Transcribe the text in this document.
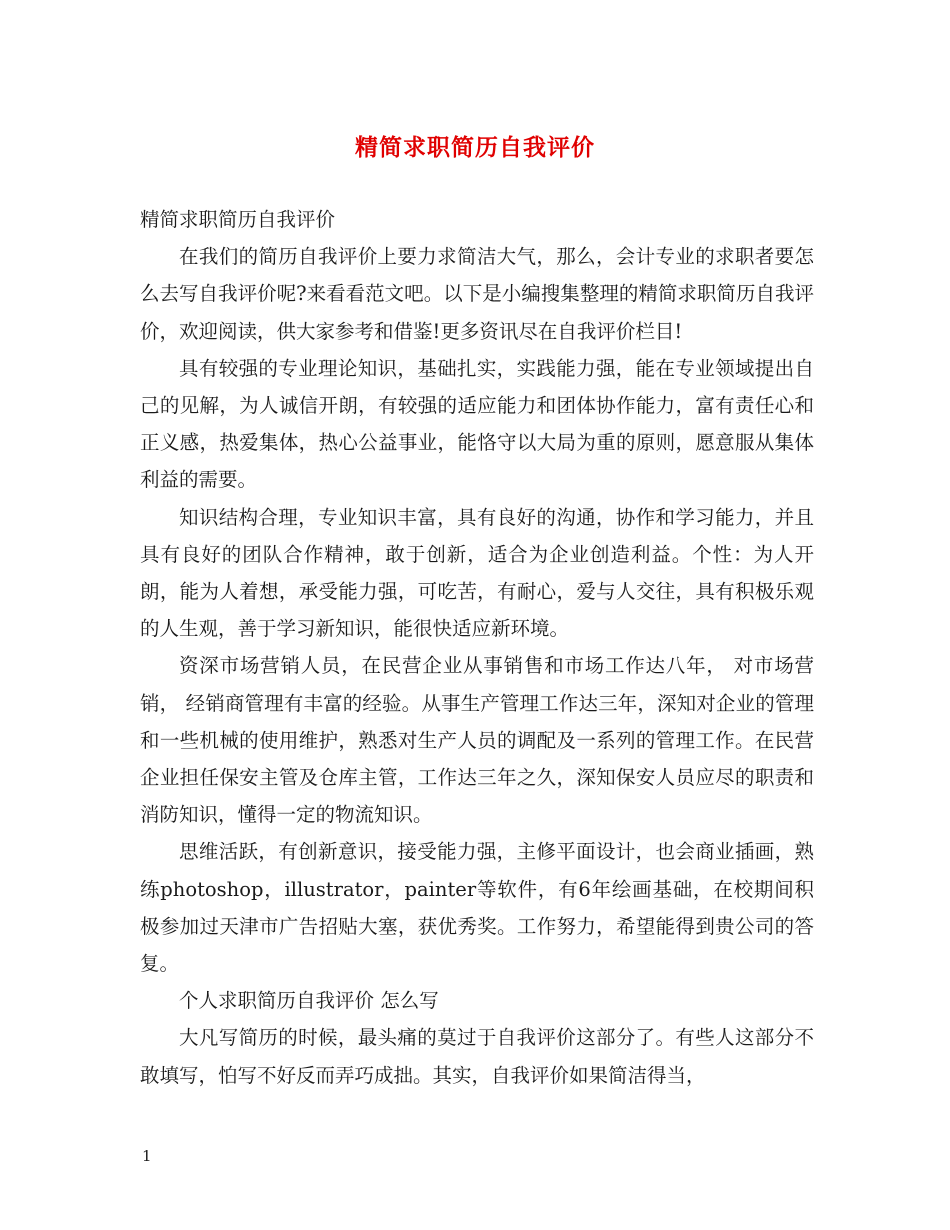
精简求职简历自我评价

精简求职简历自我评价

在我们的简历自我评价上要力求简洁大气，那么，会计专业的求职者要怎么去写自我评价呢?来看看范文吧。以下是小编搜集整理的精简求职简历自我评价，欢迎阅读，供大家参考和借鉴!更多资讯尽在自我评价栏目!

具有较强的专业理论知识，基础扎实，实践能力强，能在专业领域提出自己的见解，为人诚信开朗，有较强的适应能力和团体协作能力，富有责任心和正义感，热爱集体，热心公益事业，能恪守以大局为重的原则，愿意服从集体利益的需要。

知识结构合理，专业知识丰富，具有良好的沟通，协作和学习能力，并且具有良好的团队合作精神，敢于创新，适合为企业创造利益。个性：为人开朗，能为人着想，承受能力强，可吃苦，有耐心，爱与人交往，具有积极乐观的人生观，善于学习新知识，能很快适应新环境。

资深市场营销人员，在民营企业从事销售和市场工作达八年， 对市场营销， 经销商管理有丰富的经验。从事生产管理工作达三年，深知对企业的管理和一些机械的使用维护，熟悉对生产人员的调配及一系列的管理工作。在民营企业担任保安主管及仓库主管，工作达三年之久，深知保安人员应尽的职责和消防知识，懂得一定的物流知识。

思维活跃，有创新意识，接受能力强，主修平面设计，也会商业插画，熟练photoshop，illustrator，painter等软件，有6年绘画基础，在校期间积极参加过天津市广告招贴大塞，获优秀奖。工作努力，希望能得到贵公司的答复。

个人求职简历自我评价 怎么写

大凡写简历的时候，最头痛的莫过于自我评价这部分了。有些人这部分不敢填写，怕写不好反而弄巧成拙。其实，自我评价如果简洁得当，

1
